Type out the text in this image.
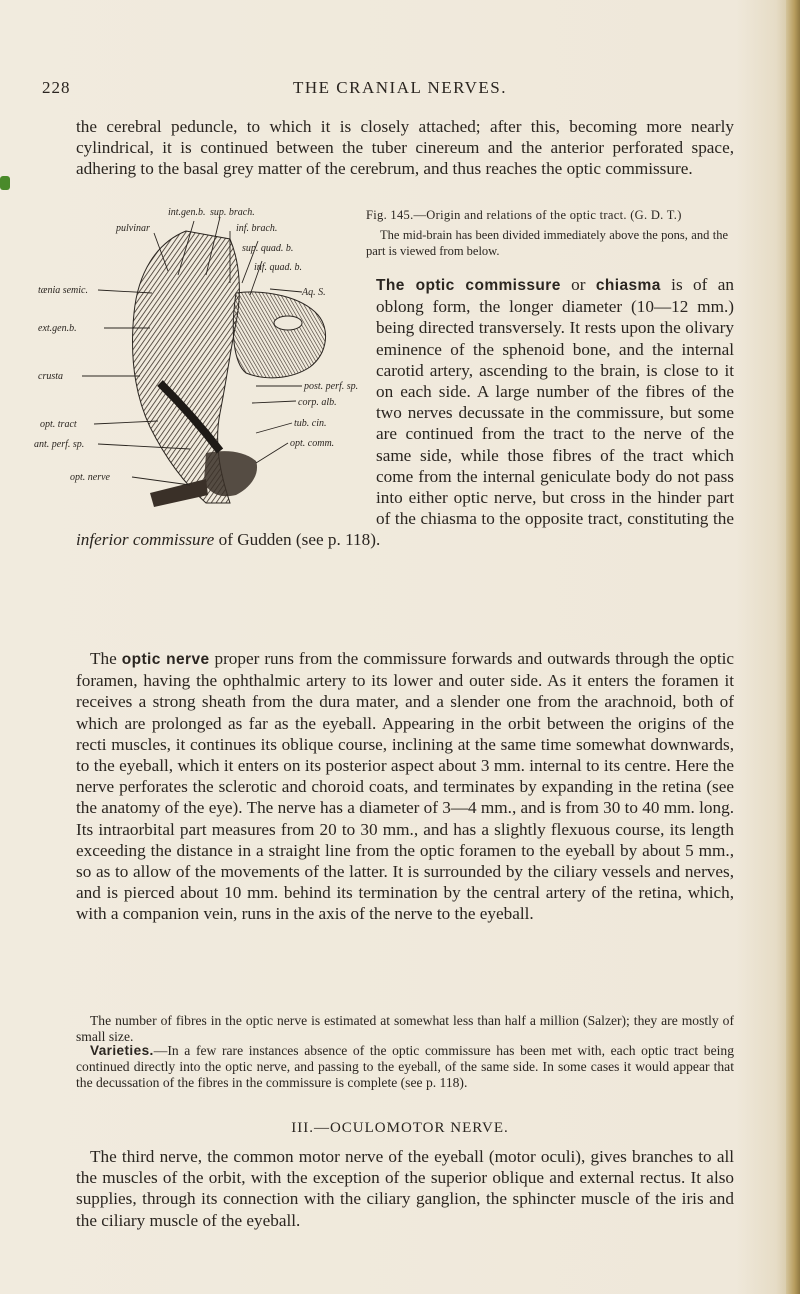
228	THE CRANIAL NERVES.
the cerebral peduncle, to which it is closely attached; after this, becoming more nearly cylindrical, it is continued between the tuber cinereum and the anterior perforated space, adhering to the basal grey matter of the cerebrum, and thus reaches the optic commissure.
int.gen.b. sup. brach.
pulvinar	inf. brach.
sup. quad. b.
inf. quad. b.
tænia semic.
ext.gen.b.
Aq. S.
crusta
post. perf. sp.
corp. alb.
opt. tract	tub. cin.
ant. perf. sp.	opt. comm.
opt. nerve
Fig. 145.—Origin and relations of the optic tract. (G. D. T.)
The mid-brain has been divided immediately above the pons, and the part is viewed from below.

The optic commissure or chiasma is of an oblong form, the longer diameter (10—12 mm.) being directed transversely. It rests upon the olivary eminence of the sphenoid bone, and the internal carotid artery, ascending to the brain, is close to it on each side. A large number of the fibres of the two nerves decussate in the commissure, but some are continued from the tract to the nerve of the same side, while those fibres of the tract which come from the internal geniculate body do not pass into either optic nerve, but cross in the hinder part of the chiasma to the opposite tract, constituting the inferior commissure of Gudden (see p. 118).

The optic nerve proper runs from the commissure forwards and outwards through the optic foramen, having the ophthalmic artery to its lower and outer side. As it enters the foramen it receives a strong sheath from the dura mater, and a slender one from the arachnoid, both of which are prolonged as far as the eyeball. Appearing in the orbit between the origins of the recti muscles, it continues its oblique course, inclining at the same time somewhat downwards, to the eyeball, which it enters on its posterior aspect about 3 mm. internal to its centre. Here the nerve perforates the sclerotic and choroid coats, and terminates by expanding in the retina (see the anatomy of the eye). The nerve has a diameter of 3—4 mm., and is from 30 to 40 mm. long. Its intraorbital part measures from 20 to 30 mm., and has a slightly flexuous course, its length exceeding the distance in a straight line from the optic foramen to the eyeball by about 5 mm., so as to allow of the movements of the latter. It is surrounded by the ciliary vessels and nerves, and is pierced about 10 mm. behind its termination by the central artery of the retina, which, with a companion vein, runs in the axis of the nerve to the eyeball.
The number of fibres in the optic nerve is estimated at somewhat less than half a million (Salzer); they are mostly of small size.
Varieties.—In a few rare instances absence of the optic commissure has been met with, each optic tract being continued directly into the optic nerve, and passing to the eyeball, of the same side. In some cases it would appear that the decussation of the fibres in the commissure is complete (see p. 118).
III.—OCULOMOTOR NERVE.
The third nerve, the common motor nerve of the eyeball (motor oculi), gives branches to all the muscles of the orbit, with the exception of the superior oblique and external rectus. It also supplies, through its connection with the ciliary ganglion, the sphincter muscle of the iris and the ciliary muscle of the eyeball.
